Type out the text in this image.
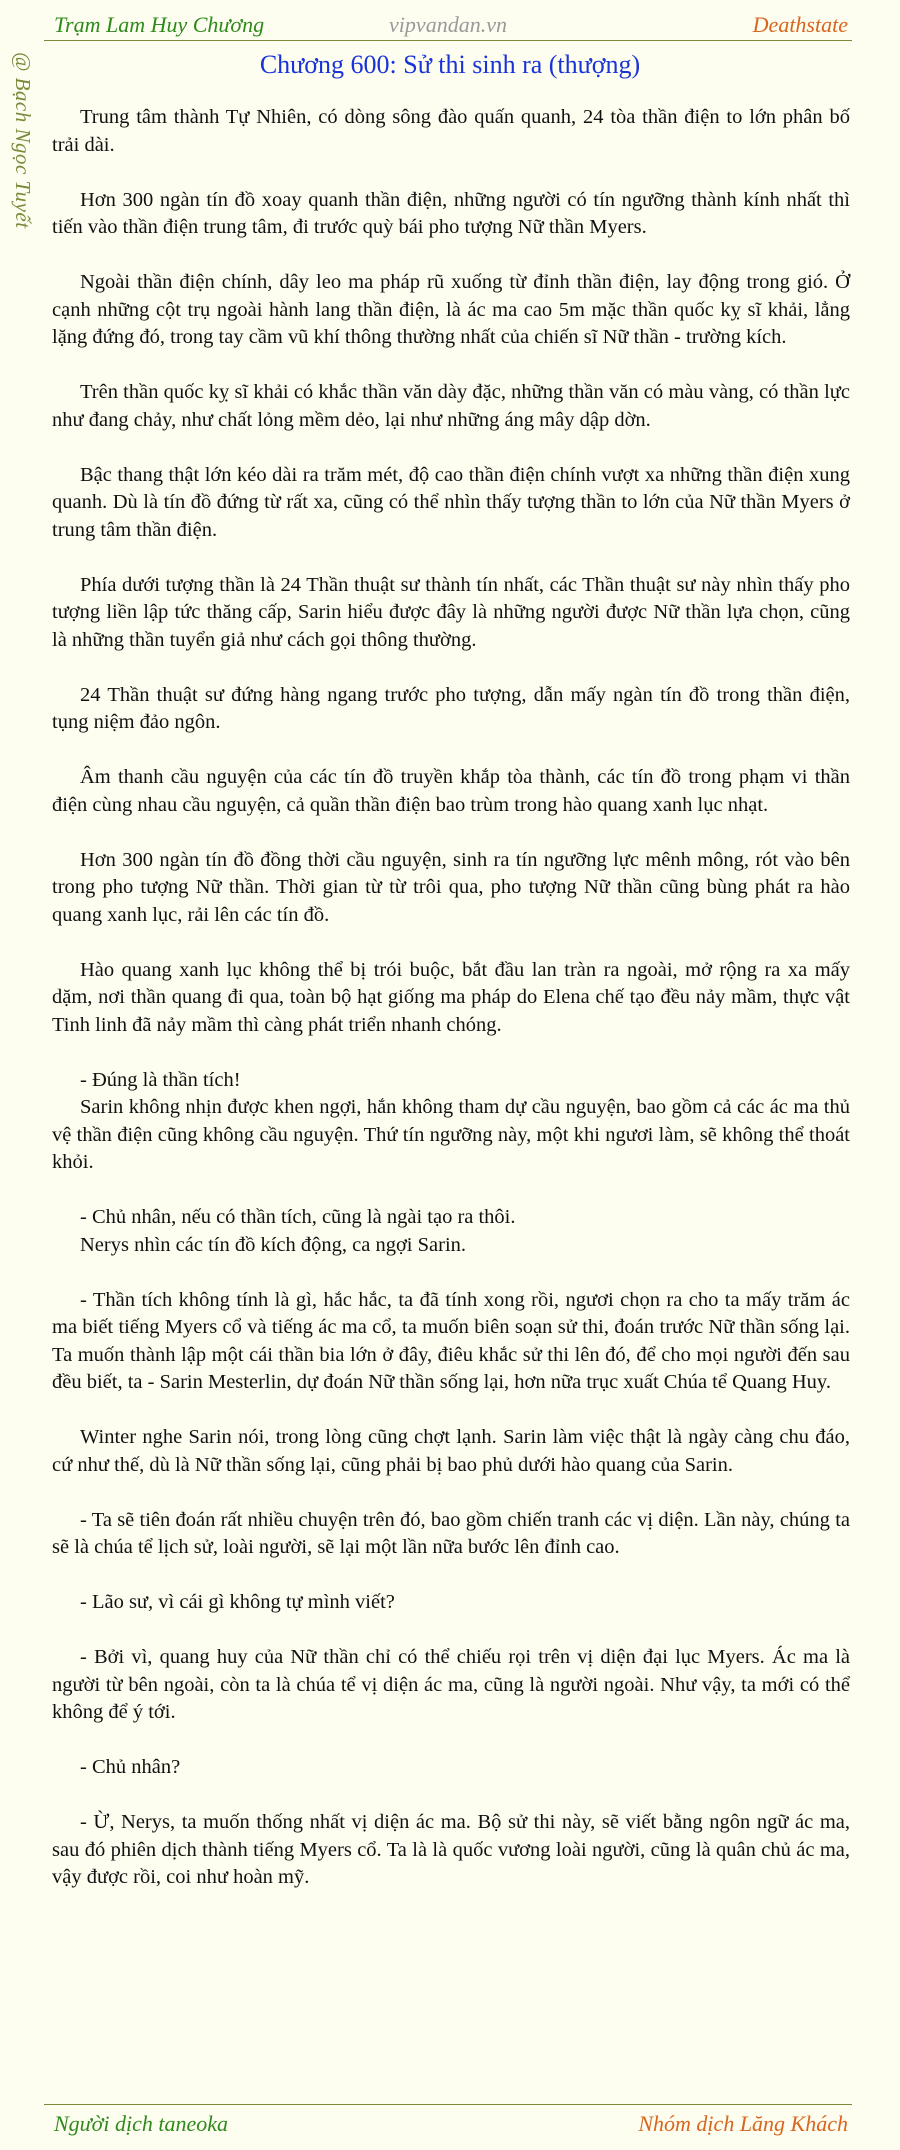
Trạm Lam Huy Chương	vipvandan.vn	Deathstate
Chương 600: Sử thi sinh ra (thượng)
@ Bạch Ngọc Tuyết	Trung tâm thành Tự Nhiên, có dòng sông đào quấn quanh, 24 tòa thần điện to lớn phân bố trải dài.

Hơn 300 ngàn tín đồ xoay quanh thần điện, những người có tín ngưỡng thành kính nhất thì tiến vào thần điện trung tâm, đi trước quỳ bái pho tượng Nữ thần Myers.

Ngoài thần điện chính, dây leo ma pháp rũ xuống từ đỉnh thần điện, lay động trong gió. Ở cạnh những cột trụ ngoài hành lang thần điện, là ác ma cao 5m mặc thần quốc kỵ sĩ khải, lẳng lặng đứng đó, trong tay cầm vũ khí thông thường nhất của chiến sĩ Nữ thần - trường kích.

Trên thần quốc kỵ sĩ khải có khắc thần văn dày đặc, những thần văn có màu vàng, có thần lực như đang chảy, như chất lỏng mềm dẻo, lại như những áng mây dập dờn.

Bậc thang thật lớn kéo dài ra trăm mét, độ cao thần điện chính vượt xa những thần điện xung quanh. Dù là tín đồ đứng từ rất xa, cũng có thể nhìn thấy tượng thần to lớn của Nữ thần Myers ở trung tâm thần điện.

Phía dưới tượng thần là 24 Thần thuật sư thành tín nhất, các Thần thuật sư này nhìn thấy pho tượng liền lập tức thăng cấp, Sarin hiểu được đây là những người được Nữ thần lựa chọn, cũng là những thần tuyển giả như cách gọi thông thường.

24 Thần thuật sư đứng hàng ngang trước pho tượng, dẫn mấy ngàn tín đồ trong thần điện, tụng niệm đảo ngôn.

Âm thanh cầu nguyện của các tín đồ truyền khắp tòa thành, các tín đồ trong phạm vi thần điện cùng nhau cầu nguyện, cả quần thần điện bao trùm trong hào quang xanh lục nhạt.

Hơn 300 ngàn tín đồ đồng thời cầu nguyện, sinh ra tín ngưỡng lực mênh mông, rót vào bên trong pho tượng Nữ thần. Thời gian từ từ trôi qua, pho tượng Nữ thần cũng bùng phát ra hào quang xanh lục, rải lên các tín đồ.

Hào quang xanh lục không thể bị trói buộc, bắt đầu lan tràn ra ngoài, mở rộng ra xa mấy dặm, nơi thần quang đi qua, toàn bộ hạt giống ma pháp do Elena chế tạo đều nảy mầm, thực vật Tinh linh đã nảy mầm thì càng phát triển nhanh chóng.

- Đúng là thần tích!

Sarin không nhịn được khen ngợi, hắn không tham dự cầu nguyện, bao gồm cả các ác ma thủ vệ thần điện cũng không cầu nguyện. Thứ tín ngưỡng này, một khi ngươi làm, sẽ không thể thoát khỏi.

- Chủ nhân, nếu có thần tích, cũng là ngài tạo ra thôi.

Nerys nhìn các tín đồ kích động, ca ngợi Sarin.

- Thần tích không tính là gì, hắc hắc, ta đã tính xong rồi, ngươi chọn ra cho ta mấy trăm ác ma biết tiếng Myers cổ và tiếng ác ma cổ, ta muốn biên soạn sử thi, đoán trước Nữ thần sống lại. Ta muốn thành lập một cái thần bia lớn ở đây, điêu khắc sử thi lên đó, để cho mọi người đến sau đều biết, ta - Sarin Mesterlin, dự đoán Nữ thần sống lại, hơn nữa trục xuất Chúa tể Quang Huy.

Winter nghe Sarin nói, trong lòng cũng chợt lạnh. Sarin làm việc thật là ngày càng chu đáo, cứ như thế, dù là Nữ thần sống lại, cũng phải bị bao phủ dưới hào quang của Sarin.

- Ta sẽ tiên đoán rất nhiều chuyện trên đó, bao gồm chiến tranh các vị diện. Lần này, chúng ta sẽ là chúa tể lịch sử, loài người, sẽ lại một lần nữa bước lên đỉnh cao.

- Lão sư, vì cái gì không tự mình viết?

- Bởi vì, quang huy của Nữ thần chỉ có thể chiếu rọi trên vị diện đại lục Myers. Ác ma là người từ bên ngoài, còn ta là chúa tể vị diện ác ma, cũng là người ngoài. Như vậy, ta mới có thể không để ý tới.

- Chủ nhân?

- Ừ, Nerys, ta muốn thống nhất vị diện ác ma. Bộ sử thi này, sẽ viết bằng ngôn ngữ ác ma, sau đó phiên dịch thành tiếng Myers cổ. Ta là là quốc vương loài người, cũng là quân chủ ác ma, vậy được rồi, coi như hoàn mỹ.

Người dịch taneoka	Nhóm dịch Lăng Khách
